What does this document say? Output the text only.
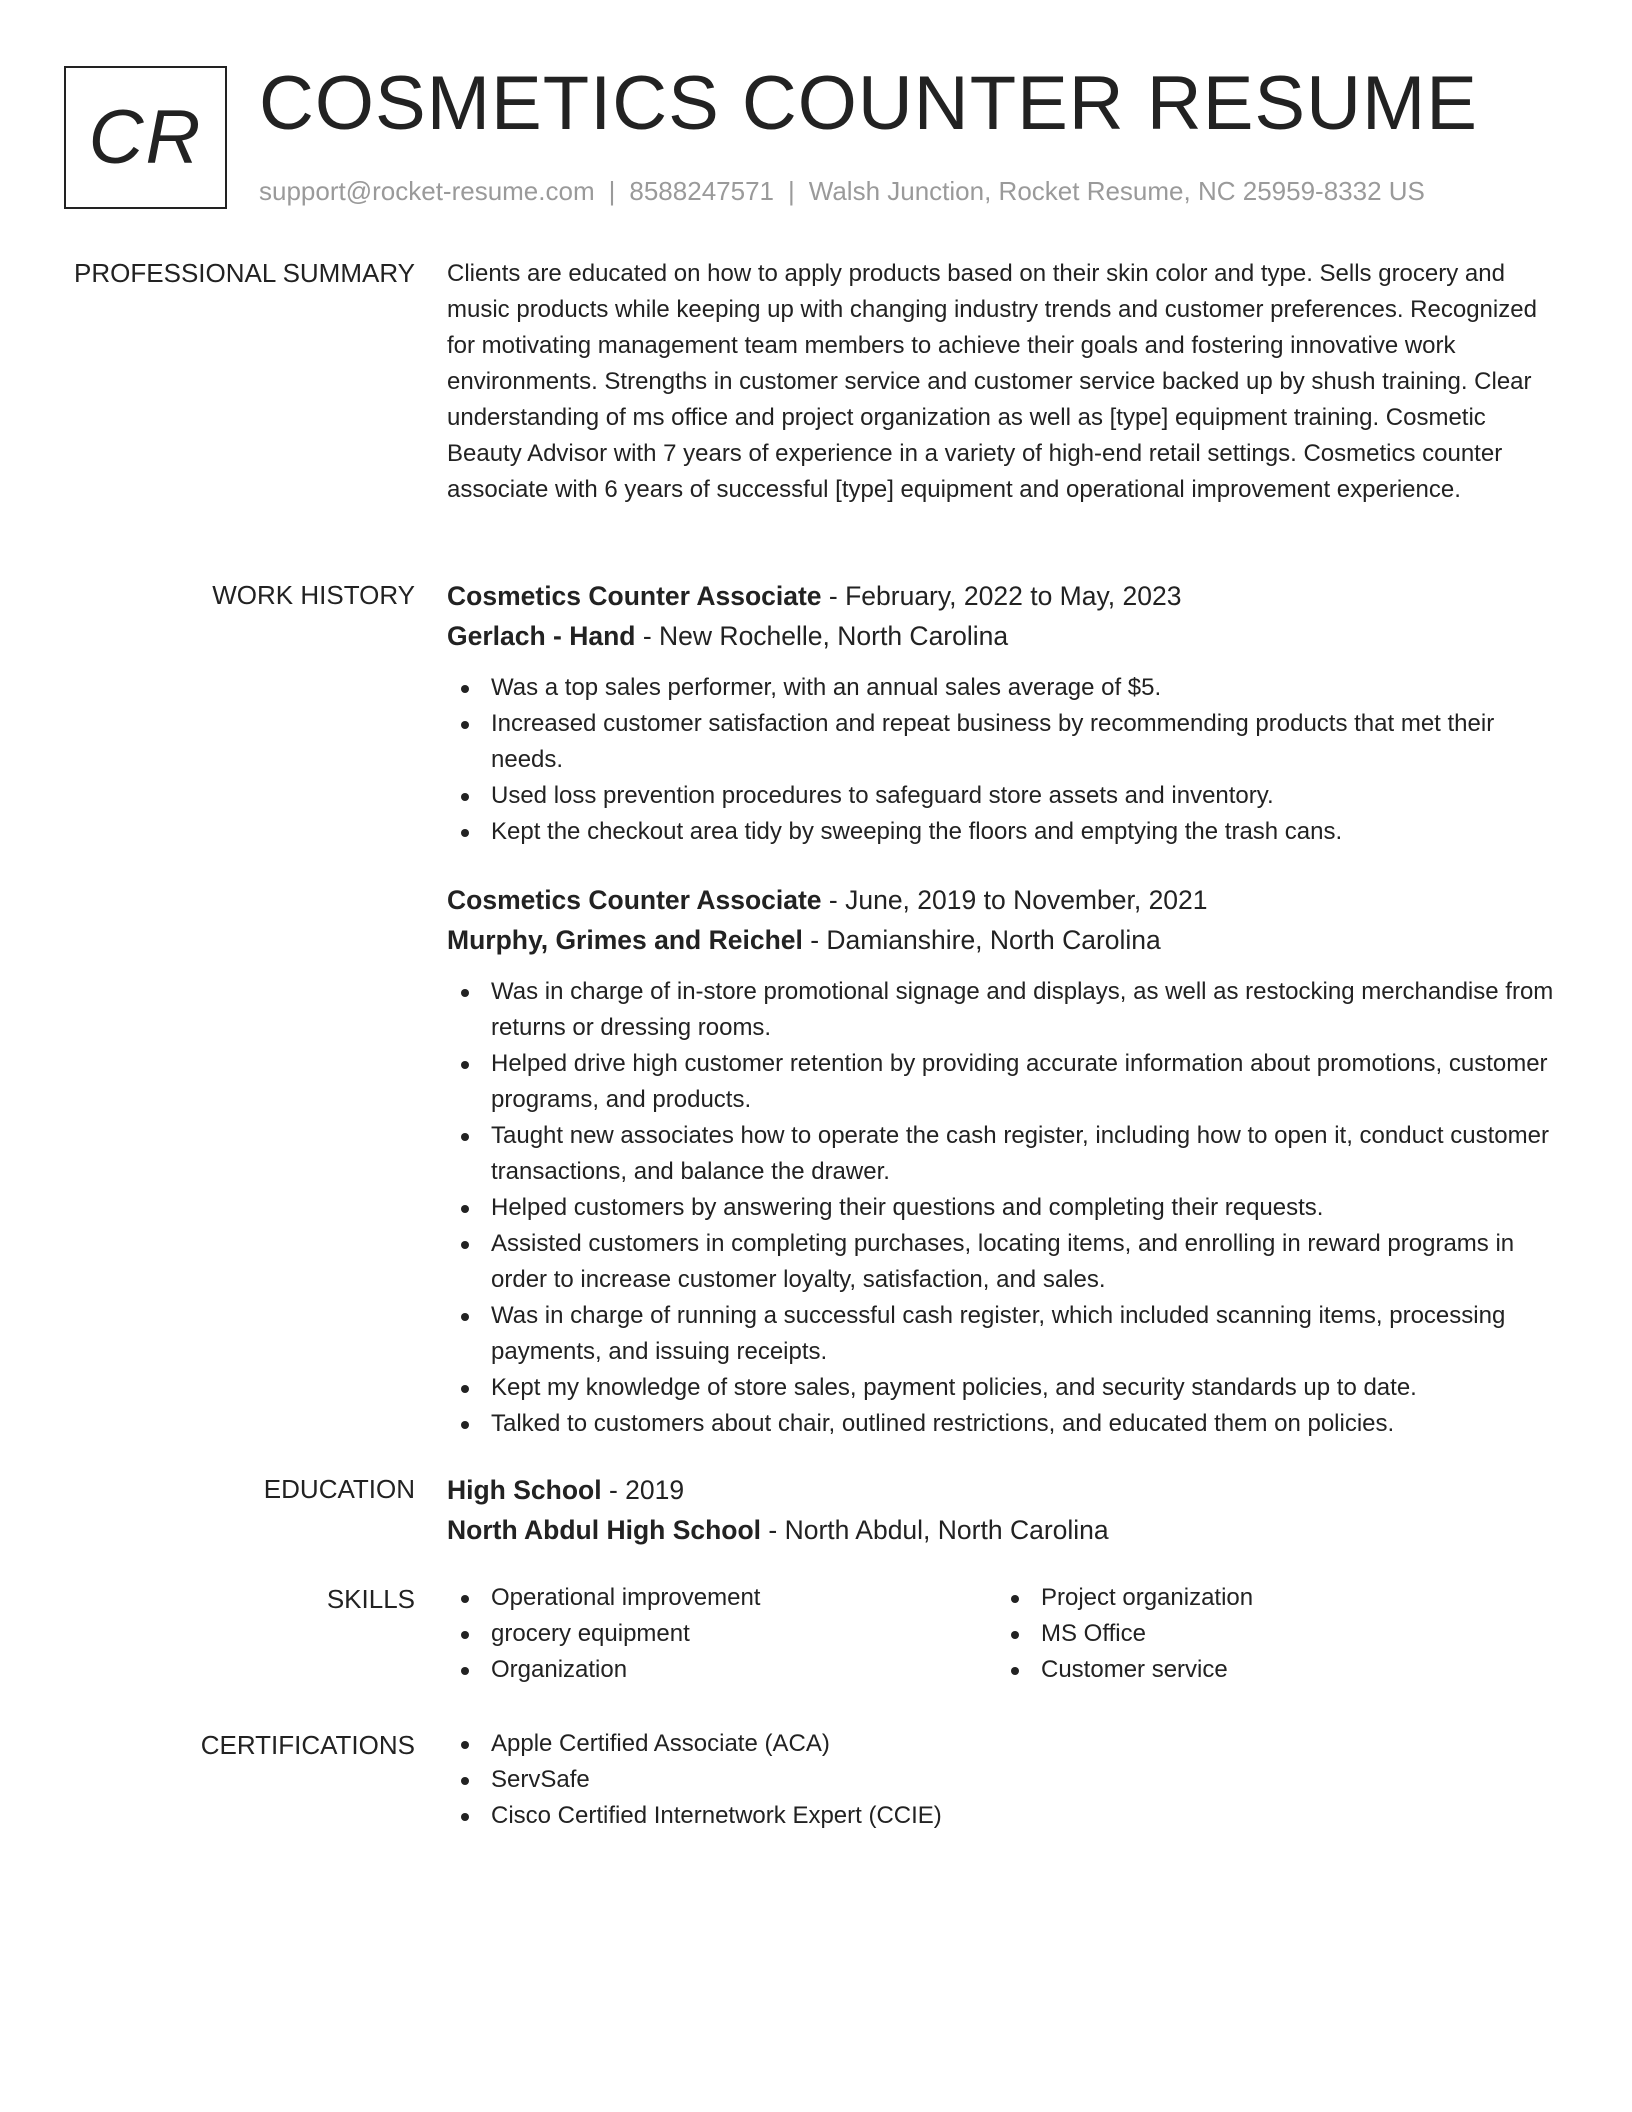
CR COSMETICS COUNTER RESUME
support@rocket-resume.com | 8588247571 | Walsh Junction, Rocket Resume, NC 25959-8332 US
PROFESSIONAL SUMMARY Clients are educated on how to apply products based on their skin color and type. Sells grocery and music products while keeping up with changing industry trends and customer preferences. Recognized for motivating management team members to achieve their goals and fostering innovative work environments. Strengths in customer service and customer service backed up by shush training. Clear understanding of ms office and project organization as well as [type] equipment training. Cosmetic Beauty Advisor with 7 years of experience in a variety of high-end retail settings. Cosmetics counter associate with 6 years of successful [type] equipment and operational improvement experience.

WORK HISTORY Cosmetics Counter Associate - February, 2022 to May, 2023
Gerlach - Hand - New Rochelle, North Carolina
Was a top sales performer, with an annual sales average of $5.
Increased customer satisfaction and repeat business by recommending products that met their needs.
Used loss prevention procedures to safeguard store assets and inventory.
Kept the checkout area tidy by sweeping the floors and emptying the trash cans.
Cosmetics Counter Associate - June, 2019 to November, 2021
Murphy, Grimes and Reichel - Damianshire, North Carolina
Was in charge of in-store promotional signage and displays, as well as restocking merchandise from returns or dressing rooms.
Helped drive high customer retention by providing accurate information about promotions, customer programs, and products.
Taught new associates how to operate the cash register, including how to open it, conduct customer transactions, and balance the drawer.
Helped customers by answering their questions and completing their requests.
Assisted customers in completing purchases, locating items, and enrolling in reward programs in order to increase customer loyalty, satisfaction, and sales.
Was in charge of running a successful cash register, which included scanning items, processing payments, and issuing receipts.
Kept my knowledge of store sales, payment policies, and security standards up to date.
Talked to customers about chair, outlined restrictions, and educated them on policies.
EDUCATION High School - 2019
North Abdul High School - North Abdul, North Carolina
SKILLS	Operational improvement
grocery equipment
Organization
Project organization
MS Office
Customer service
CERTIFICATIONS	Apple Certified Associate (ACA)
ServSafe
Cisco Certified Internetwork Expert (CCIE)
